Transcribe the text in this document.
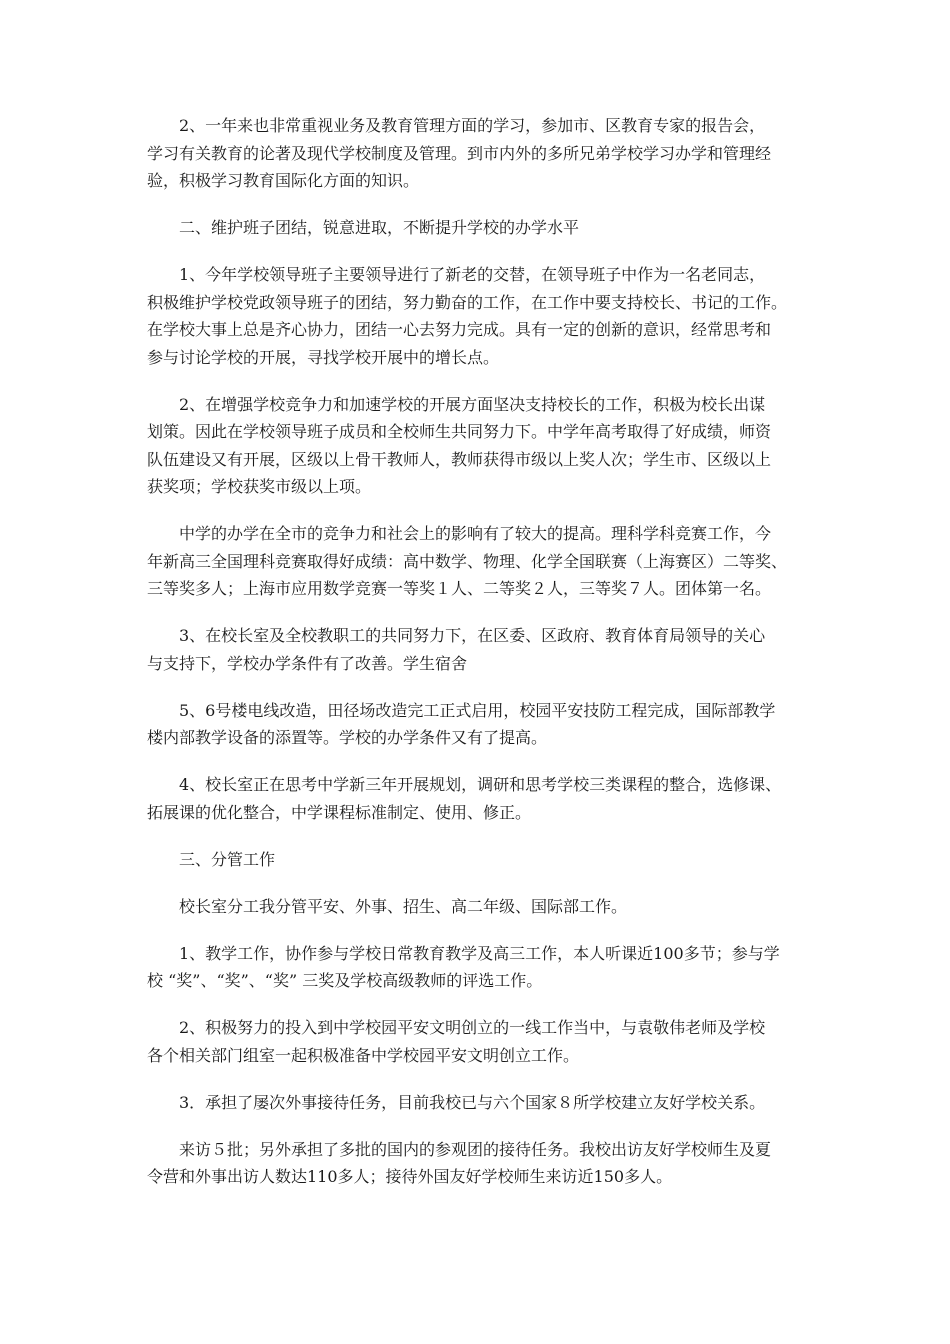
2、一年来也非常重视业务及教育管理方面的学习，参加市、区教育专家的报告会，
学习有关教育的论著及现代学校制度及管理。到市内外的多所兄弟学校学习办学和管理经
验，积极学习教育国际化方面的知识。

二、维护班子团结，锐意进取，不断提升学校的办学水平

1、今年学校领导班子主要领导进行了新老的交替，在领导班子中作为一名老同志，
积极维护学校党政领导班子的团结，努力勤奋的工作，在工作中要支持校长、书记的工作。
在学校大事上总是齐心协力，团结一心去努力完成。具有一定的创新的意识，经常思考和
参与讨论学校的开展，寻找学校开展中的增长点。

2、在增强学校竞争力和加速学校的开展方面坚决支持校长的工作，积极为校长出谋
划策。因此在学校领导班子成员和全校师生共同努力下。中学年高考取得了好成绩，师资
队伍建设又有开展，区级以上骨干教师人，教师获得市级以上奖人次；学生市、区级以上
获奖项；学校获奖市级以上项。

中学的办学在全市的竞争力和社会上的影响有了较大的提高。理科学科竞赛工作，今
年新高三全国理科竞赛取得好成绩：高中数学、物理、化学全国联赛（上海赛区）二等奖、
三等奖多人；上海市应用数学竞赛一等奖１人、二等奖２人，三等奖７人。团体第一名。

3、在校长室及全校教职工的共同努力下，在区委、区政府、教育体育局领导的关心
与支持下，学校办学条件有了改善。学生宿舍

5、6号楼电线改造，田径场改造完工正式启用，校园平安技防工程完成，国际部教学
楼内部教学设备的添置等。学校的办学条件又有了提高。

4、校长室正在思考中学新三年开展规划，调研和思考学校三类课程的整合，选修课、
拓展课的优化整合，中学课程标准制定、使用、修正。

三、分管工作

校长室分工我分管平安、外事、招生、高二年级、国际部工作。

1、教学工作，协作参与学校日常教育教学及高三工作，本人听课近100多节；参与学
校 “奖”、“奖”、“奖” 三奖及学校高级教师的评选工作。

2、积极努力的投入到中学校园平安文明创立的一线工作当中，与袁敬伟老师及学校
各个相关部门组室一起积极准备中学校园平安文明创立工作。

3．承担了屡次外事接待任务，目前我校已与六个国家８所学校建立友好学校关系。

来访５批；另外承担了多批的国内的参观团的接待任务。我校出访友好学校师生及夏
令营和外事出访人数达110多人；接待外国友好学校师生来访近150多人。
